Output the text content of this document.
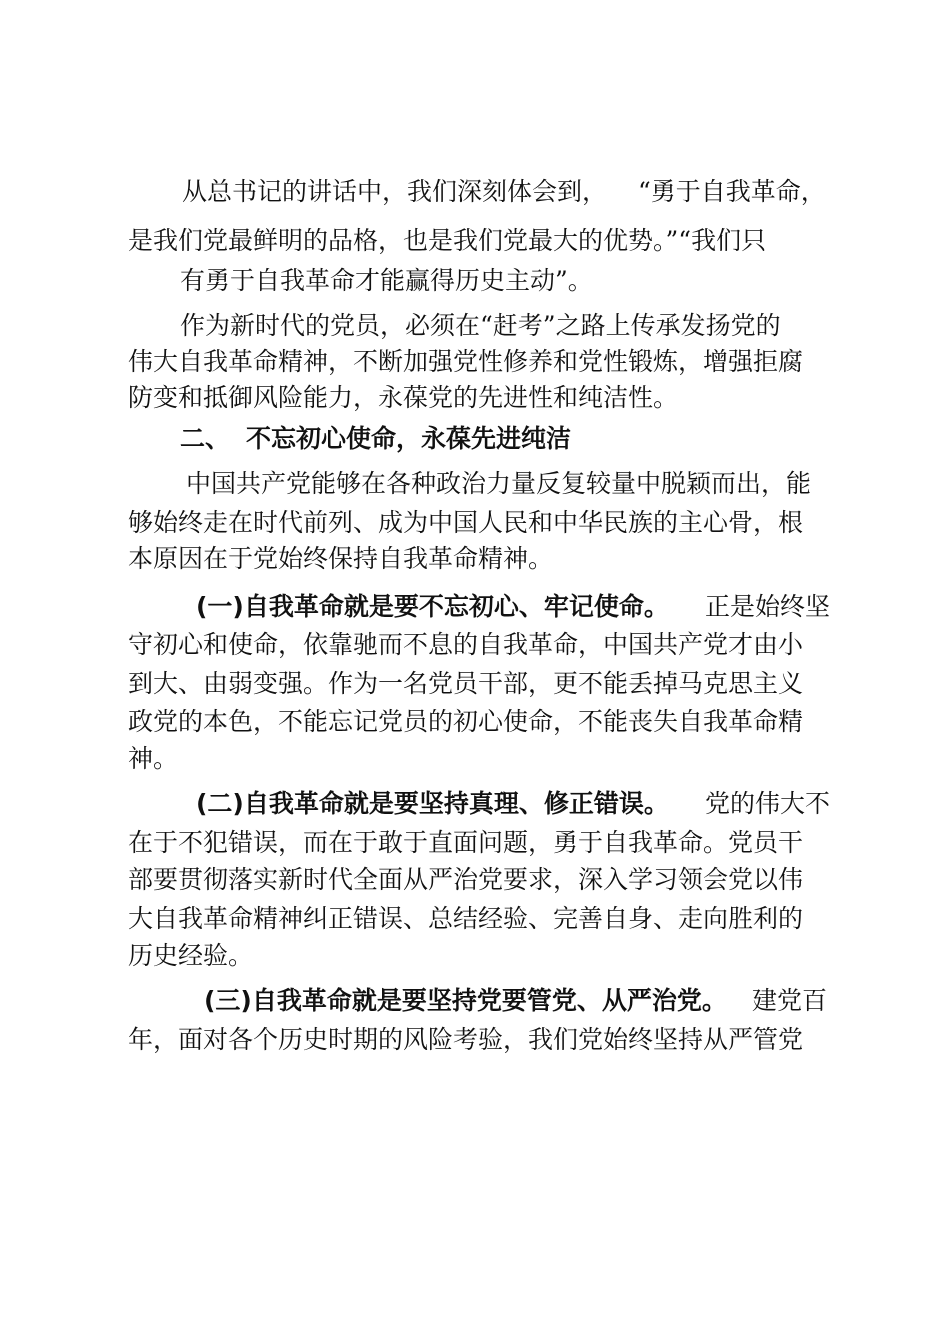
从总书记的讲话中，我们深刻体会到， “勇于自我革命，
是我们党最鲜明的品格，也是我们党最大的优势。”“我们只
有勇于自我革命才能赢得历史主动”。
作为新时代的党员，必须在“赶考”之路上传承发扬党的
伟大自我革命精神，不断加强党性修养和党性锻炼，增强拒腐
防变和抵御风险能力，永葆党的先进性和纯洁性。
二、 不忘初心使命，永葆先进纯洁
中国共产党能够在各种政治力量反复较量中脱颖而出，能
够始终走在时代前列、成为中国人民和中华民族的主心骨，根
本原因在于党始终保持自我革命精神。
(一)自我革命就是要不忘初心、牢记使命。 正是始终坚
守初心和使命，依靠驰而不息的自我革命，中国共产党才由小
到大、由弱变强。作为一名党员干部，更不能丢掉马克思主义
政党的本色，不能忘记党员的初心使命，不能丧失自我革命精
神。
(二)自我革命就是要坚持真理、修正错误。 党的伟大不
在于不犯错误，而在于敢于直面问题，勇于自我革命。党员干
部要贯彻落实新时代全面从严治党要求，深入学习领会党以伟
大自我革命精神纠正错误、总结经验、完善自身、走向胜利的
历史经验。
(三)自我革命就是要坚持党要管党、从严治党。 建党百
年，面对各个历史时期的风险考验，我们党始终坚持从严管党
